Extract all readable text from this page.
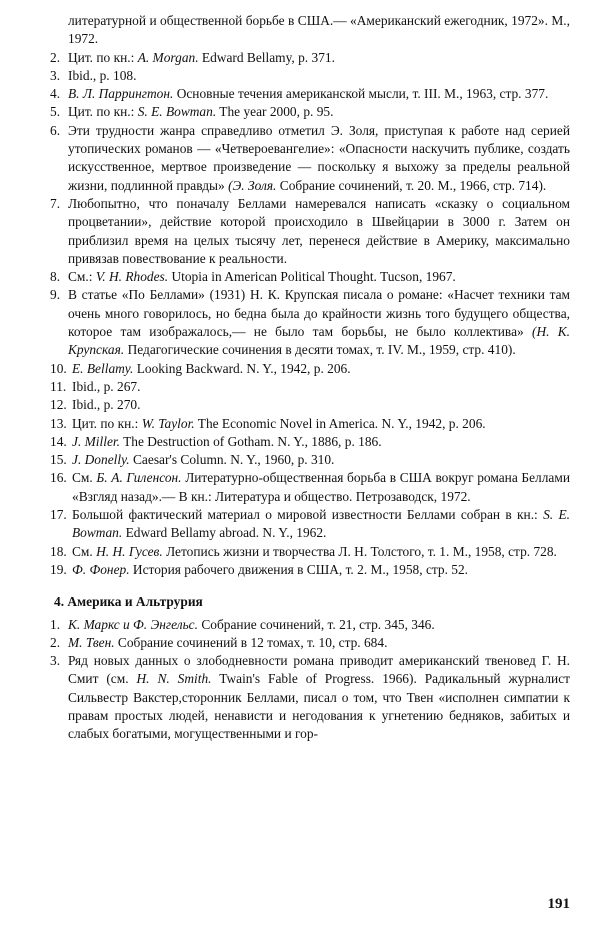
литературной и общественной борьбе в США.— «Американский ежегодник, 1972». М., 1972.
2. Цит. по кн.: A. Morgan. Edward Bellamy, p. 371.
3. Ibid., p. 108.
4. В. Л. Паррингтон. Основные течения американской мысли, т. III. М., 1963, стр. 377.
5. Цит. по кн.: S. E. Bowman. The year 2000, p. 95.
6. Эти трудности жанра справедливо отметил Э. Золя, приступая к работе над серией утопических романов — «Четвероевангелие»: «Опасности наскучить публике, создать искусственное, мертвое произведение — поскольку я выхожу за пределы реальной жизни, подлинной правды» (Э. Золя. Собрание сочинений, т. 20. М., 1966, стр. 714).
7. Любопытно, что поначалу Беллами намеревался написать «сказку о социальном процветании», действие которой происходило в Швейцарии в 3000 г. Затем он приблизил время на целых тысячу лет, перенеся действие в Америку, максимально привязав повествование к реальности.
8. См.: V. H. Rhodes. Utopia in American Political Thought. Tucson, 1967.
9. В статье «По Беллами» (1931) Н. К. Крупская писала о романе: «Насчет техники там очень много говорилось, но бедна была до крайности жизнь того будущего общества, которое там изображалось,— не было там борьбы, не было коллектива» (Н. К. Крупская. Педагогические сочинения в десяти томах, т. IV. М., 1959, стр. 410).
10. E. Bellamy. Looking Backward. N. Y., 1942, p. 206.
11. Ibid., p. 267.
12. Ibid., p. 270.
13. Цит. по кн.: W. Taylor. The Economic Novel in America. N. Y., 1942, p. 206.
14. J. Miller. The Destruction of Gotham. N. Y., 1886, p. 186.
15. J. Donelly. Caesar's Column. N. Y., 1960, p. 310.
16. См. Б. А. Гиленсон. Литературно-общественная борьба в США вокруг романа Беллами «Взгляд назад».— В кн.: Литература и общество. Петрозаводск, 1972.
17. Большой фактический материал о мировой известности Беллами собран в кн.: S. E. Bowman. Edward Bellamy abroad. N. Y., 1962.
18. См. Н. Н. Гусев. Летопись жизни и творчества Л. Н. Толстого, т. 1. М., 1958, стр. 728.
19. Ф. Фонер. История рабочего движения в США, т. 2. М., 1958, стр. 52.
4. Америка и Альтрурия
1. К. Маркс и Ф. Энгельс. Собрание сочинений, т. 21, стр. 345, 346.
2. М. Твен. Собрание сочинений в 12 томах, т. 10, стр. 684.
3. Ряд новых данных о злободневности романа приводит американский твеновед Г. Н. Смит (см. H. N. Smith. Twain's Fable of Progress. 1966). Радикальный журналист Сильвестр Вакстер,сторонник Беллами, писал о том, что Твен «исполнен симпатии к правам простых людей, ненависти и негодования к угнетению бедняков, забитых и слабых богатыми, могущественными и гор-
191
